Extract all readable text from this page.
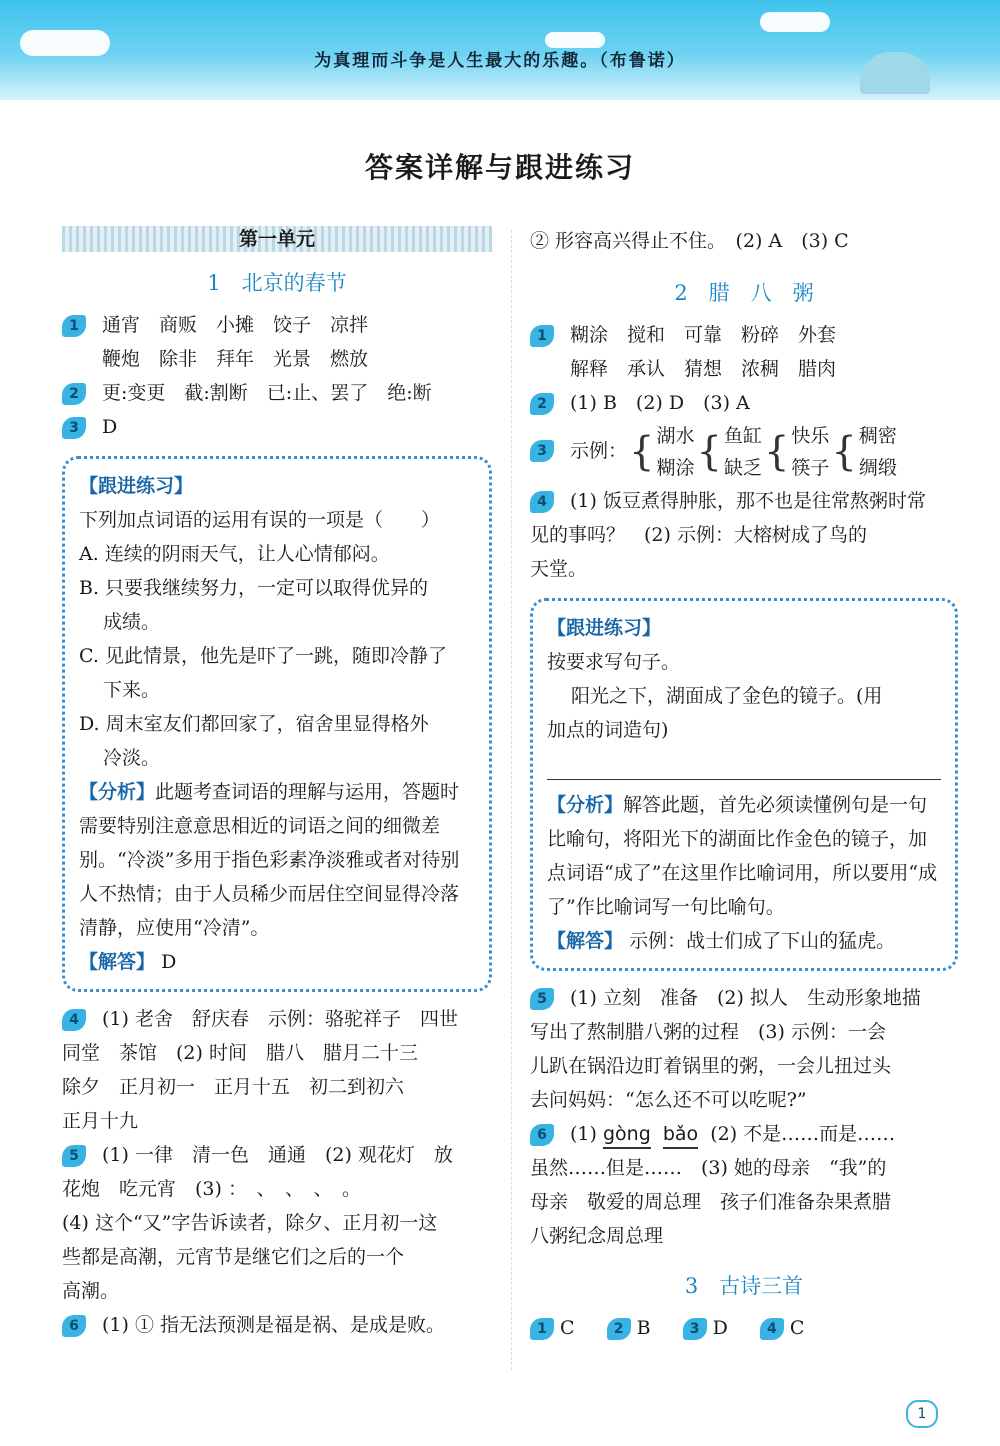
为真理而斗争是人生最大的乐趣。（布鲁诺）
答案详解与跟进练习
第一单元
1　北京的春节
1	通宵　商贩　小摊　饺子　凉拌
鞭炮　除非　拜年　光景　燃放
2	更:变更　截:割断　已:止、罢了　绝:断
3	D
【跟进练习】
下列加点词语的运用有误的一项是（　　）
A. 连续的阴雨天气，让人心情郁闷。
B. 只要我继续努力，一定可以取得优异的
成绩。
C. 见此情景，他先是吓了一跳，随即冷静了
下来。
D. 周末室友们都回家了，宿舍里显得格外
冷淡。
【分析】此题考查词语的理解与运用，答题时需要特别注意意思相近的词语之间的细微差别。“冷淡”多用于指色彩素净淡雅或者对待别人不热情；由于人员稀少而居住空间显得冷落清静，应使用“冷清”。
【解答】 D
4	(1) 老舍　舒庆春　示例：骆驼祥子　四世
同堂　茶馆　(2) 时间　腊八　腊月二十三
除夕　正月初一　正月十五　初二到初六
正月十九
5	(1) 一律　清一色　通通　(2) 观花灯　放
花炮　吃元宵　(3) ：　、　、　、　。
(4) 这个“又”字告诉读者，除夕、正月初一这
些都是高潮，元宵节是继它们之后的一个
高潮。
6	(1) ① 指无法预测是福是祸、是成是败。
② 形容高兴得止不住。　(2) A　(3) C
2　腊　八　粥
1	糊涂　搅和　可靠　粉碎　外套
解释　承认　猜想　浓稠　腊肉
2	(1) B　(2) D　(3) A
3	示例：{ 湖水
糊涂{ 鱼缸
缺乏{ 快乐
筷子{ 稠密
绸缎
4	(1) 饭豆煮得肿胀，那不也是往常熬粥时常
见的事吗？　(2) 示例：大榕树成了鸟的
天堂。
【跟进练习】
按要求写句子。
阳光之下，湖面成了金色的镜子。(用
加点的词造句)
【分析】解答此题，首先必须读懂例句是一句比喻句，将阳光下的湖面比作金色的镜子，加点词语“成了”在这里作比喻词用，所以要用“成了”作比喻词写一句比喻句。
【解答】 示例：战士们成了下山的猛虎。
5	(1) 立刻　准备　(2) 拟人　生动形象地描
写出了熬制腊八粥的过程　(3) 示例：一会
儿趴在锅沿边盯着锅里的粥，一会儿扭过头
去问妈妈：“怎么还不可以吃呢?”
6	(1) gòng bǎo (2) 不是……而是……
虽然……但是……　(3) 她的母亲　“我”的
母亲　敬爱的周总理　孩子们准备杂果煮腊
八粥纪念周总理
3　古诗三首
1 C	2 B	3 D	4 C
1
